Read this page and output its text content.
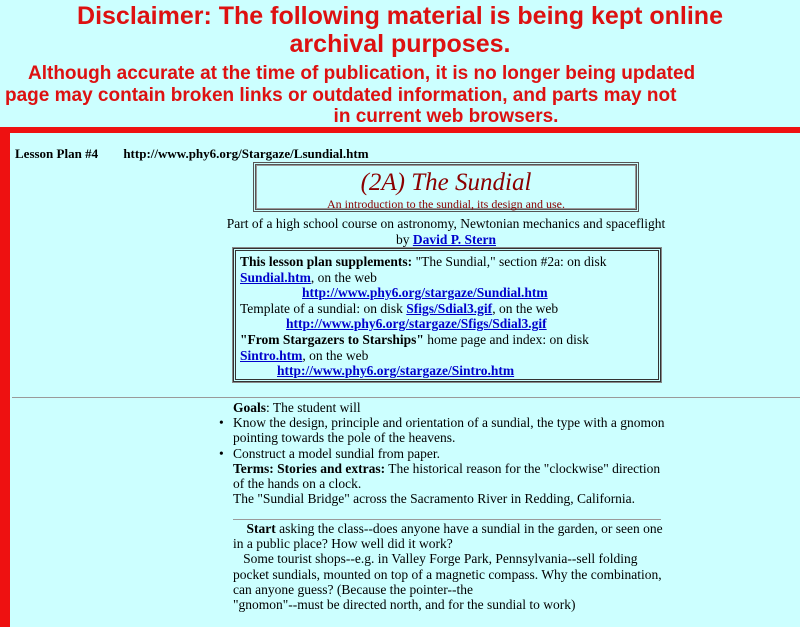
Disclaimer: The following material is being kept online
archival purposes.
Although accurate at the time of publication, it is no longer being updated
page may contain broken links or outdated information, and parts may not
in current web browsers.
Lesson Plan #4 http://www.phy6.org/Stargaze/Lsundial.htm
(2A) The Sundial
An introduction to the sundial, its design and use.
Part of a high school course on astronomy, Newtonian mechanics and spaceflight
by David P. Stern
This lesson plan supplements: "The Sundial," section #2a: on disk Sundial.htm, on the web
http://www.phy6.org/stargaze/Sundial.htm
Template of a sundial: on disk Sfigs/Sdial3.gif, on the web
http://www.phy6.org/stargaze/Sfigs/Sdial3.gif
"From Stargazers to Starships" home page and index: on disk
Sintro.htm, on the web
http://www.phy6.org/stargaze/Sintro.htm
Goals: The student will
• Know the design, principle and orientation of a sundial, the type with a gnomon pointing towards the pole of the heavens.
• Construct a model sundial from paper.
Terms: Stories and extras: The historical reason for the "clockwise" direction of the hands on a clock.
The "Sundial Bridge" across the Sacramento River in Redding, California.
Start asking the class--does anyone have a sundial in the garden, or seen one in a public place? How well did it work?
Some tourist shops--e.g. in Valley Forge Park, Pennsylvania--sell folding pocket sundials, mounted on top of a magnetic compass. Why the combination, can anyone guess? (Because the pointer--the
"gnomon"--must be directed north, and for the sundial to work)
